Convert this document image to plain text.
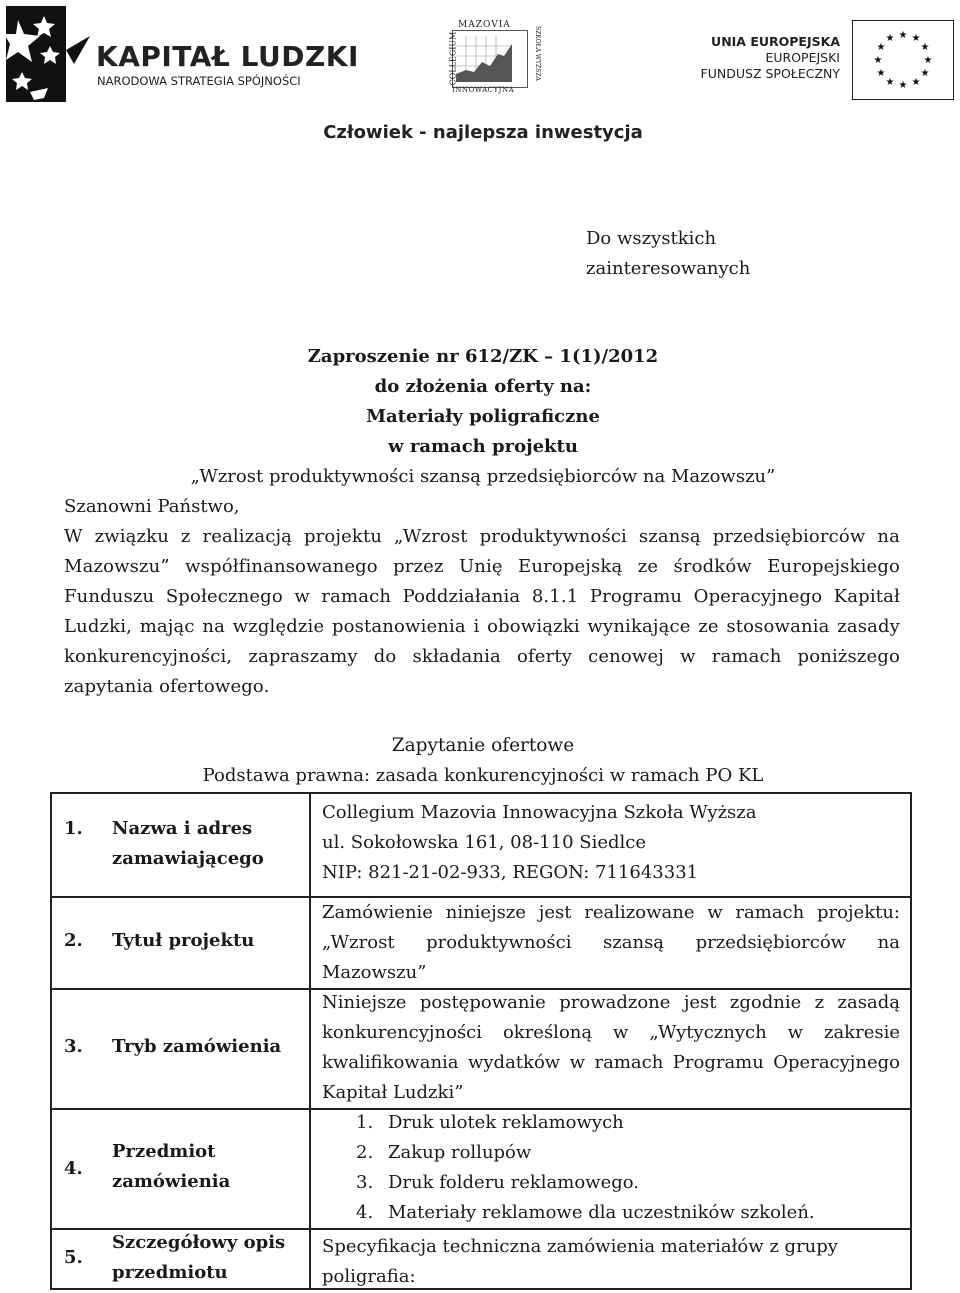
KAPITAŁ LUDZKI

NARODOWA STRATEGIA SPÓJNOŚCI

MAZOVIA

COLLEGIUM	SZKOŁA WYŻSZA

INNOWACYJNA

UNIA EUROPEJSKA
EUROPEJSKI
FUNDUSZ SPOŁECZNY

★ ★
★
★
★
★
★
★
★
★
★
★

Człowiek - najlepsza inwestycja

Do wszystkich
zainteresowanych
Zaproszenie nr 612/ZK – 1(1)/2012
do złożenia oferty na:
Materiały poligraficzne
w ramach projektu
„Wzrost produktywności szansą przedsiębiorców na Mazowszu”

Szanowni Państwo,

W związku z realizacją projektu „Wzrost produktywności szansą przedsiębiorców na Mazowszu” współfinansowanego przez Unię Europejską ze środków Europejskiego Funduszu Społecznego w ramach Poddziałania 8.1.1 Programu Operacyjnego Kapitał Ludzki, mając na względzie postanowienia i obowiązki wynikające ze stosowania zasady konkurencyjności, zapraszamy do składania oferty cenowej w ramach poniższego zapytania ofertowego.

Zapytanie ofertowe

Podstawa prawna: zasada konkurencyjności w ramach PO KL

1. Nazwa i adres zamawiającego
Collegium Mazovia Innowacyjna Szkoła Wyższa
ul. Sokołowska 161, 08-110 Siedlce
NIP: 821-21-02-933, REGON: 711643331
2. Tytuł projektu
Zamówienie niniejsze jest realizowane w ramach projektu: „Wzrost produktywności szansą przedsiębiorców na Mazowszu”
3. Tryb zamówienia
Niniejsze postępowanie prowadzone jest zgodnie z zasadą konkurencyjności określoną w „Wytycznych w zakresie kwalifikowania wydatków w ramach Programu Operacyjnego Kapitał Ludzki”
4.
Przedmiot zamówienia
1. Druk ulotek reklamowych
2. Zakup rollupów
3. Druk folderu reklamowego.
4. Materiały reklamowe dla uczestników szkoleń.
5.
Szczegółowy opis przedmiotu
Specyfikacja techniczna zamówienia materiałów z grupy poligrafia:
